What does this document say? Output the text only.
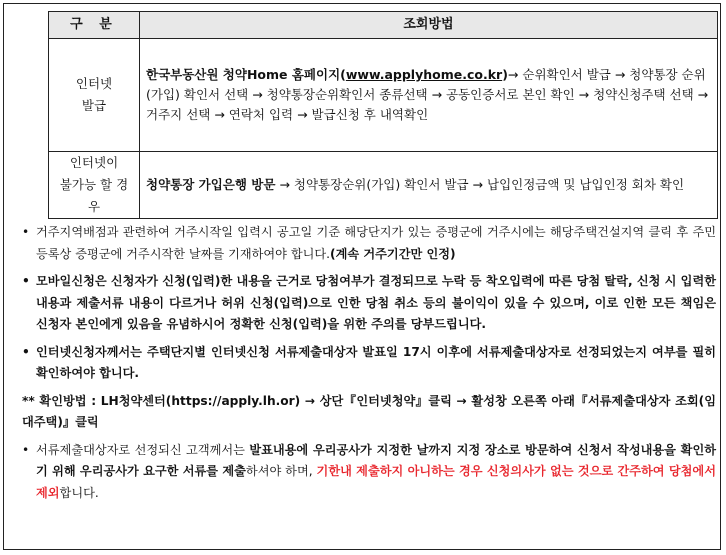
구 분	조회방법

인터넷
발급	한국부동산원 청약Home 홈페이지(www.applyhome.co.kr)→ 순위확인서 발급 → 청약통장 순위(가입) 확인서 선택 → 청약통장순위확인서 종류선택 → 공동인증서로 본인 확인 → 청약신청주택 선택 → 거주지 선택 → 연락처 입력 → 발급신청 후 내역확인

인터넷이
불가능 할 경우	청약통장 가입은행 방문 → 청약통장순위(가입) 확인서 발급 → 납입인정금액 및 납입인정 회차 확인
• 거주지역배점과 관련하여 거주시작일 입력시 공고일 기준 해당단지가 있는 증평군에 거주시에는 해당주택건설지역 클릭 후 주민등록상 증평군에 거주시작한 날짜를 기재하여야 합니다.(계속 거주기간만 인정)
• 모바일신청은 신청자가 신청(입력)한 내용을 근거로 당첨여부가 결정되므로 누락 등 착오입력에 따른 당첨 탈락, 신청 시 입력한 내용과 제출서류 내용이 다르거나 허위 신청(입력)으로 인한 당첨 취소 등의 불이익이 있을 수 있으며, 이로 인한 모든 책임은 신청자 본인에게 있음을 유념하시어 정확한 신청(입력)을 위한 주의를 당부드립니다.
• 인터넷신청자께서는 주택단지별 인터넷신청 서류제출대상자 발표일 17시 이후에 서류제출대상자로 선정되었는지 여부를 필히 확인하여야 합니다.
** 확인방법 : LH청약센터(https://apply.lh.or) → 상단『인터넷청약』클릭 → 활성창 오른쪽 아래『서류제출대상자 조회(임대주택)』클릭
• 서류제출대상자로 선정되신 고객께서는 발표내용에 우리공사가 지정한 날까지 지정 장소로 방문하여 신청서 작성내용을 확인하기 위해 우리공사가 요구한 서류를 제출하셔야 하며, 기한내 제출하지 아니하는 경우 신청의사가 없는 것으로 간주하여 당첨에서 제외합니다.
